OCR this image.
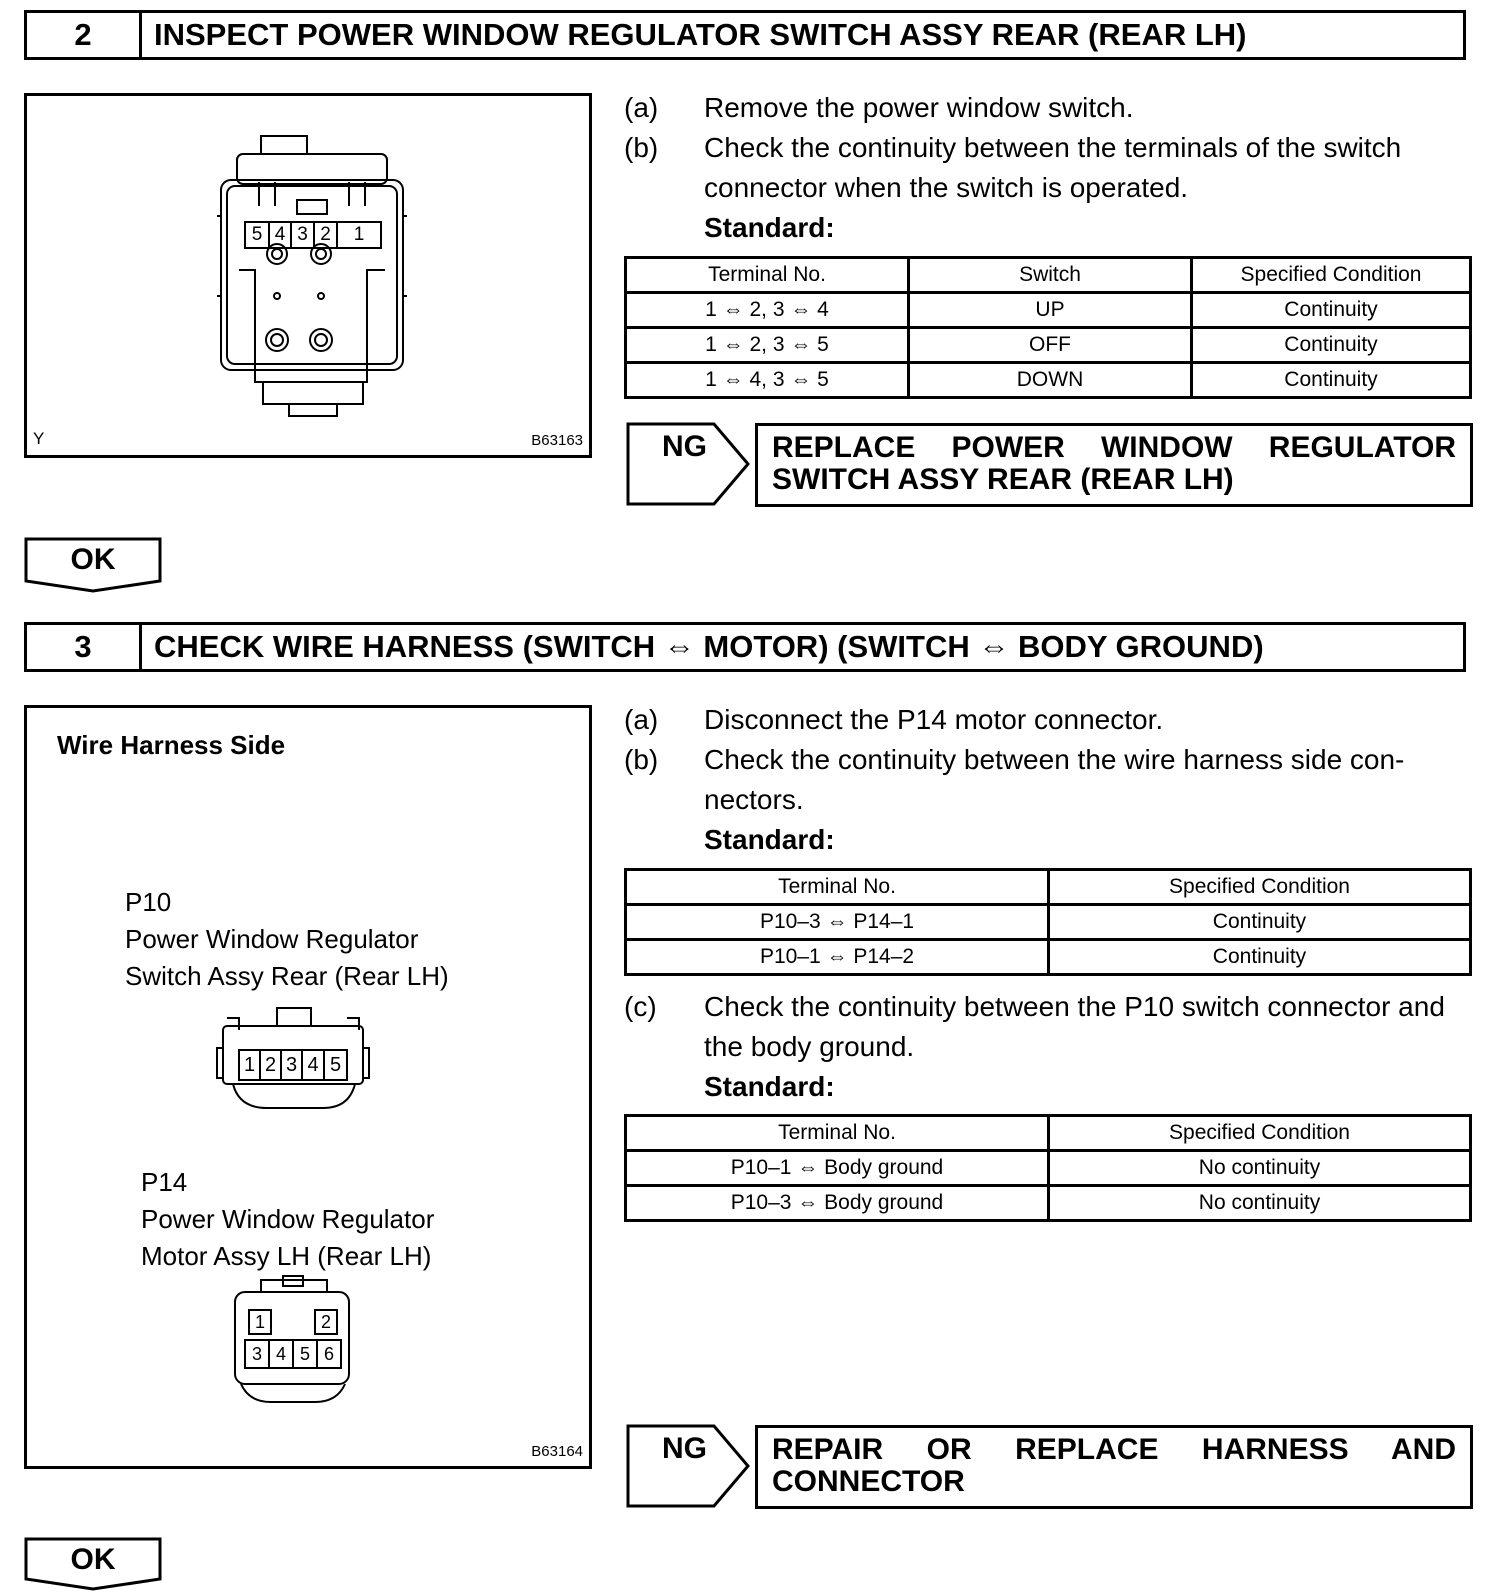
2	INSPECT POWER WINDOW REGULATOR SWITCH ASSY REAR (REAR LH)
5 4 3 2	1
Y	B63163
(a)	Remove the power window switch.
(b)	Check the continuity between the terminals of the switch connector when the switch is operated.
Standard:
Terminal No.	Switch	Specified Condition
1 ⇔ 2, 3 ⇔ 4	UP	Continuity
1 ⇔ 2, 3 ⇔ 5	OFF	Continuity
1 ⇔ 4, 3 ⇔ 5	DOWN	Continuity
NG REPLACE POWER WINDOW REGULATOR
SWITCH ASSY REAR (REAR LH)
OK
3	CHECK WIRE HARNESS (SWITCH ⇔ MOTOR) (SWITCH ⇔ BODY GROUND)
Wire Harness Side
P10
Power Window Regulator
Switch Assy Rear (Rear LH)
1 2 3 4 5
P14
Power Window Regulator
Motor Assy LH (Rear LH)
1	2
3 4 5 6
B63164
(a)	Disconnect the P14 motor connector.
(b)	Check the continuity between the wire harness side con- nectors.
Standard:
Terminal No.	Specified Condition
P10–3 ⇔ P14–1	Continuity
P10–1 ⇔ P14–2	Continuity
(c)	Check the continuity between the P10 switch connector and the body ground.
Standard:
Terminal No.	Specified Condition
P10–1 ⇔ Body ground	No continuity
P10–3 ⇔ Body ground	No continuity
NG REPAIR OR REPLACE HARNESS AND
CONNECTOR
OK
